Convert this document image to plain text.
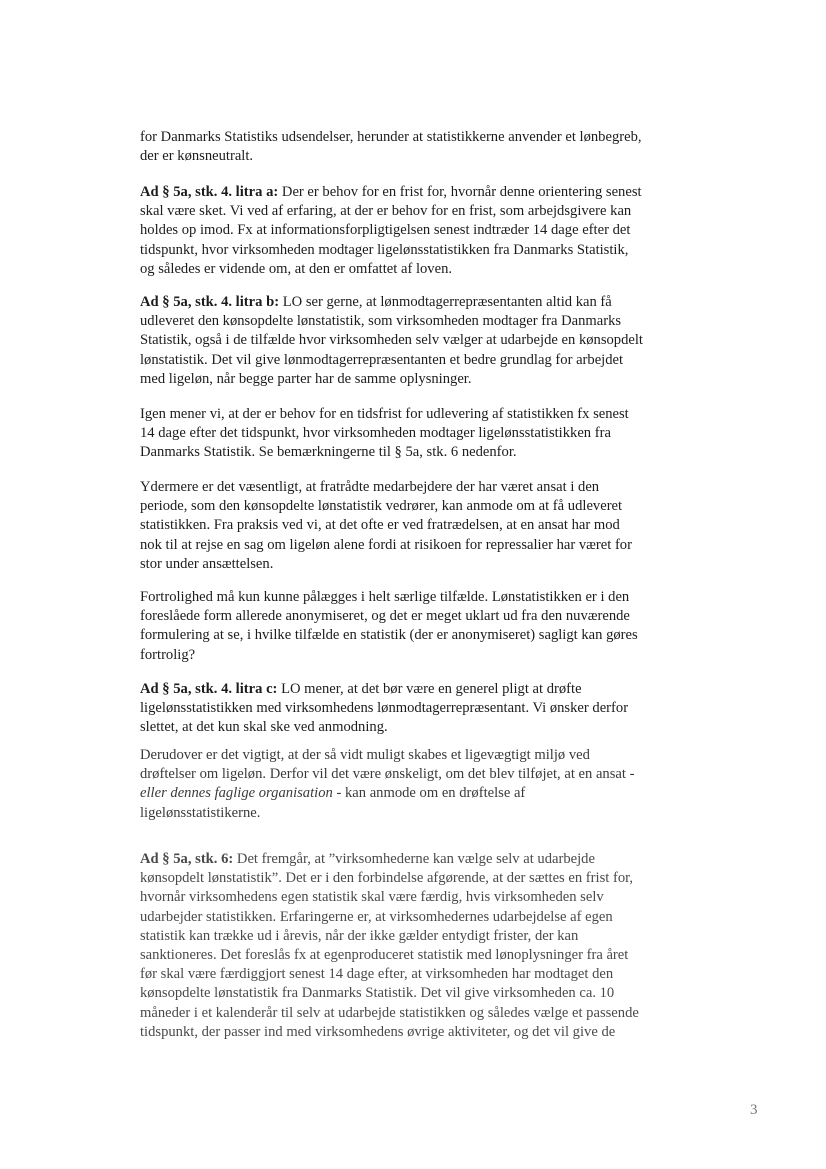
for Danmarks Statistiks udsendelser, herunder at statistikkerne anvender et lønbegreb,
der er kønsneutralt.

Ad § 5a, stk. 4. litra a: Der er behov for en frist for, hvornår denne orientering senest
skal være sket. Vi ved af erfaring, at der er behov for en frist, som arbejdsgivere kan
holdes op imod. Fx at informationsforpligtigelsen senest indtræder 14 dage efter det
tidspunkt, hvor virksomheden modtager ligelønsstatistikken fra Danmarks Statistik,
og således er vidende om, at den er omfattet af loven.

Ad § 5a, stk. 4. litra b: LO ser gerne, at lønmodtagerrepræsentanten altid kan få
udleveret den kønsopdelte lønstatistik, som virksomheden modtager fra Danmarks
Statistik, også i de tilfælde hvor virksomheden selv vælger at udarbejde en kønsopdelt
lønstatistik. Det vil give lønmodtagerrepræsentanten et bedre grundlag for arbejdet
med ligeløn, når begge parter har de samme oplysninger.

Igen mener vi, at der er behov for en tidsfrist for udlevering af statistikken fx senest
14 dage efter det tidspunkt, hvor virksomheden modtager ligelønsstatistikken fra
Danmarks Statistik. Se bemærkningerne til § 5a, stk. 6 nedenfor.

Ydermere er det væsentligt, at fratrådte medarbejdere der har været ansat i den
periode, som den kønsopdelte lønstatistik vedrører, kan anmode om at få udleveret
statistikken. Fra praksis ved vi, at det ofte er ved fratrædelsen, at en ansat har mod
nok til at rejse en sag om ligeløn alene fordi at risikoen for repressalier har været for
stor under ansættelsen.

Fortrolighed må kun kunne pålægges i helt særlige tilfælde. Lønstatistikken er i den
foreslåede form allerede anonymiseret, og det er meget uklart ud fra den nuværende
formulering at se, i hvilke tilfælde en statistik (der er anonymiseret) sagligt kan gøres
fortrolig?

Ad § 5a, stk. 4. litra c: LO mener, at det bør være en generel pligt at drøfte
ligelønsstatistikken med virksomhedens lønmodtagerrepræsentant. Vi ønsker derfor
slettet, at det kun skal ske ved anmodning.

Derudover er det vigtigt, at der så vidt muligt skabes et ligevægtigt miljø ved
drøftelser om ligeløn. Derfor vil det være ønskeligt, om det blev tilføjet, at en ansat -
eller dennes faglige organisation - kan anmode om en drøftelse af
ligelønsstatistikerne.

Ad § 5a, stk. 6: Det fremgår, at ”virksomhederne kan vælge selv at udarbejde
kønsopdelt lønstatistik”. Det er i den forbindelse afgørende, at der sættes en frist for,
hvornår virksomhedens egen statistik skal være færdig, hvis virksomheden selv
udarbejder statistikken. Erfaringerne er, at virksomhedernes udarbejdelse af egen
statistik kan trække ud i årevis, når der ikke gælder entydigt frister, der kan
sanktioneres. Det foreslås fx at egenproduceret statistik med lønoplysninger fra året
før skal være færdiggjort senest 14 dage efter, at virksomheden har modtaget den
kønsopdelte lønstatistik fra Danmarks Statistik. Det vil give virksomheden ca. 10
måneder i et kalenderår til selv at udarbejde statistikken og således vælge et passende
tidspunkt, der passer ind med virksomhedens øvrige aktiviteter, og det vil give de

3
